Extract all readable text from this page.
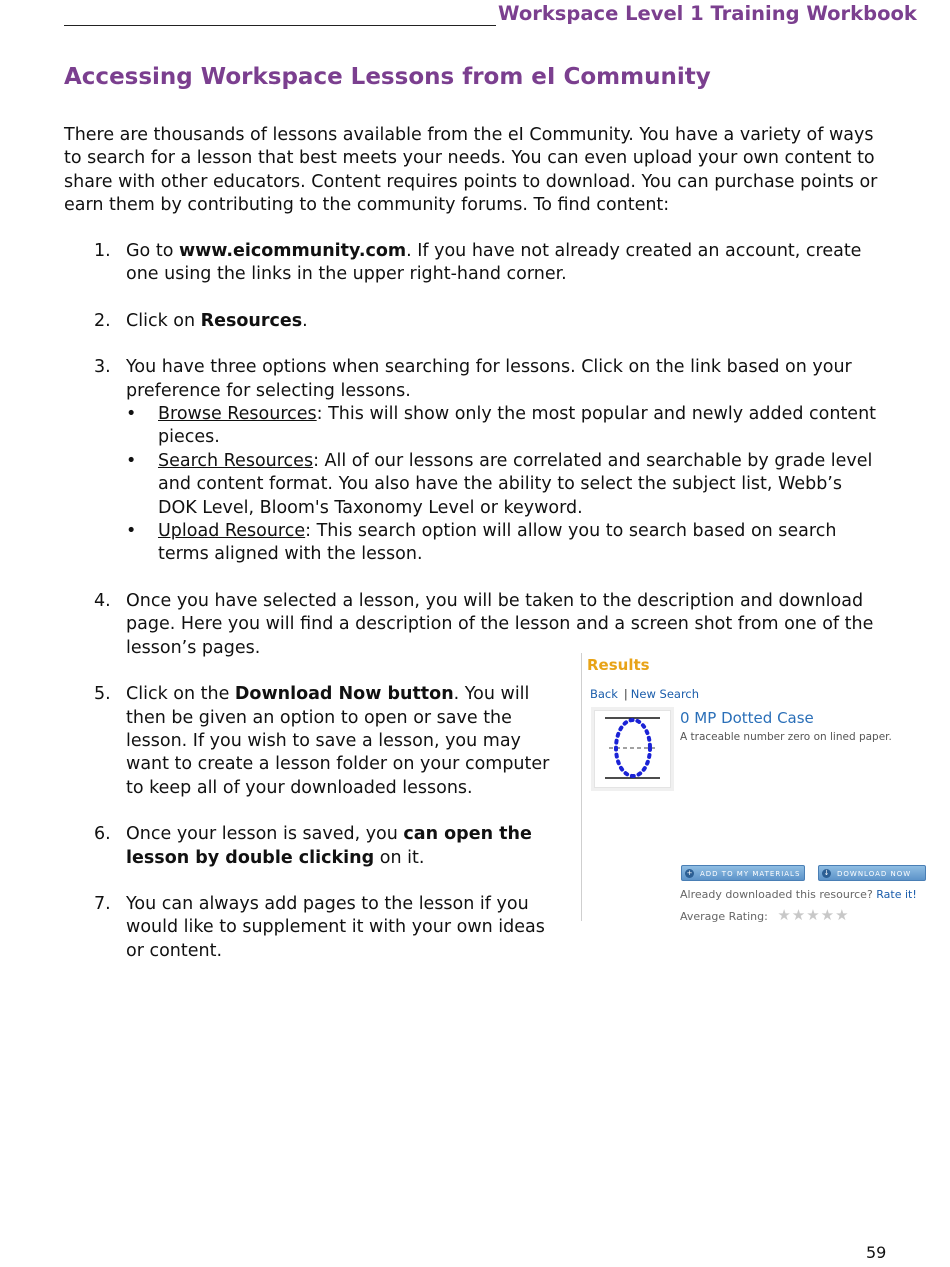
Workspace Level 1 Training Workbook
Accessing Workspace Lessons from eI Community

There are thousands of lessons available from the eI Community. You have a variety of ways to search for a lesson that best meets your needs. You can even upload your own content to share with other educators. Content requires points to download. You can purchase points or earn them by contributing to the community forums. To find content:

1. Go to www.eicommunity.com. If you have not already created an account, create one using the links in the upper right-hand corner.
2. Click on Resources.
3. You have three options when searching for lessons. Click on the link based on your preference for selecting lessons.
• Browse Resources: This will show only the most popular and newly added content pieces.
• Search Resources: All of our lessons are correlated and searchable by grade level and content format. You also have the ability to select the subject list, Webb’s DOK Level, Bloom's Taxonomy Level or keyword.
• Upload Resource: This search option will allow you to search based on search terms aligned with the lesson.
4. Once you have selected a lesson, you will be taken to the description and download page. Here you will find a description of the lesson and a screen shot from one of the lesson’s pages.
5. Click on the Download Now button. You will then be given an option to open or save the lesson. If you wish to save a lesson, you may want to create a lesson folder on your computer to keep all of your downloaded lessons.
6. Once your lesson is saved, you can open the lesson by double clicking on it.
7. You can always add pages to the lesson if you would like to supplement it with your own ideas or content.
Results
Back | New Search
0 MP Dotted Case
A traceable number zero on lined paper.
+ ADD TO MY MATERIALS	↓ DOWNLOAD NOW
Already downloaded this resource? Rate it!
Average Rating: ★★★★★
59
